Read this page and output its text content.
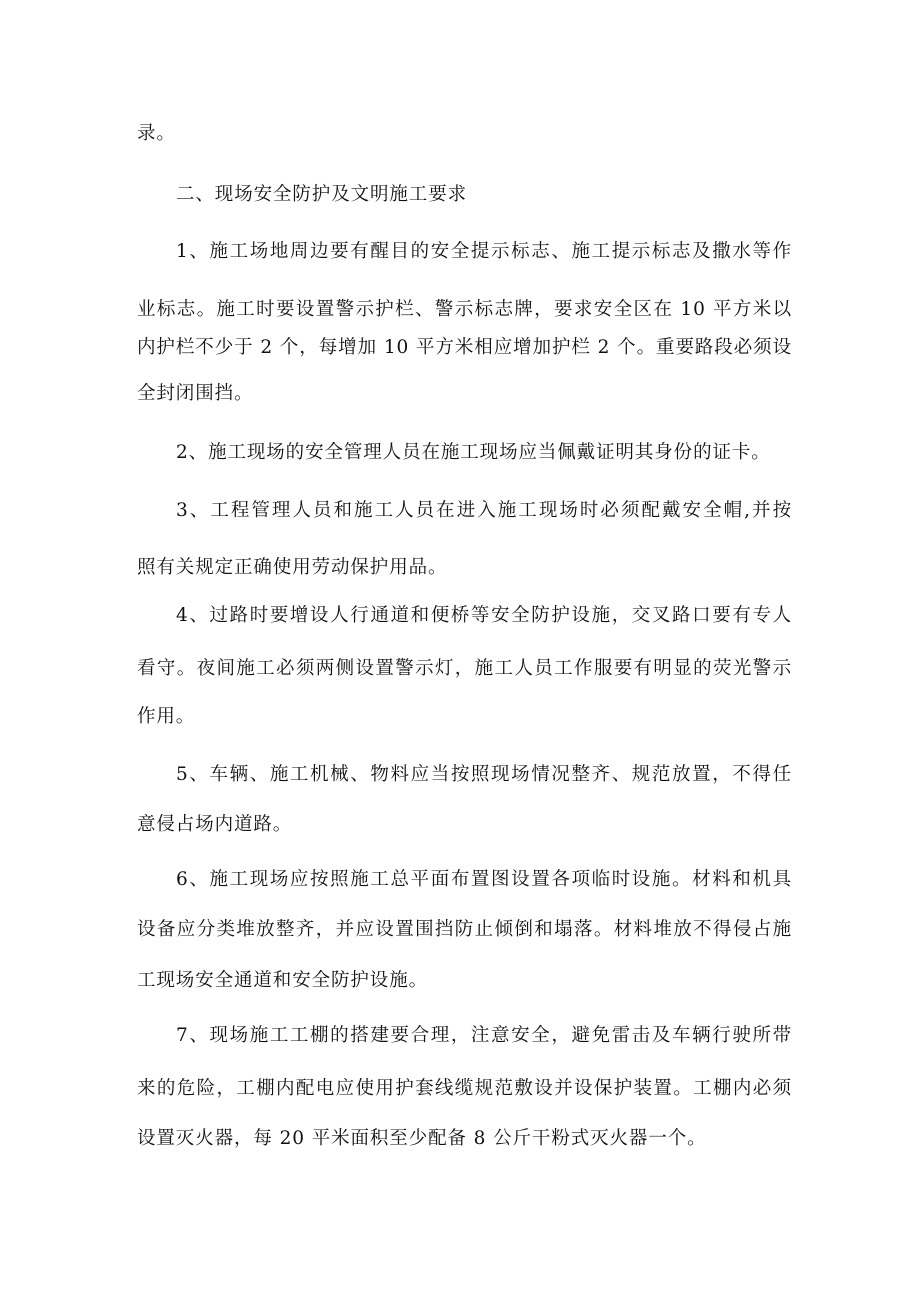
录。
二、现场安全防护及文明施工要求
1、施工场地周边要有醒目的安全提示标志、施工提示标志及撒水等作
业标志。施工时要设置警示护栏、警示标志牌，要求安全区在 10 平方米以
内护栏不少于 2 个，每增加 10 平方米相应增加护栏 2 个。重要路段必须设
全封闭围挡。
2、施工现场的安全管理人员在施工现场应当佩戴证明其身份的证卡。
3、工程管理人员和施工人员在进入施工现场时必须配戴安全帽,并按
照有关规定正确使用劳动保护用品。
4、过路时要增设人行通道和便桥等安全防护设施，交叉路口要有专人
看守。夜间施工必须两侧设置警示灯，施工人员工作服要有明显的荧光警示
作用。
5、车辆、施工机械、物料应当按照现场情况整齐、规范放置，不得任
意侵占场内道路。
6、施工现场应按照施工总平面布置图设置各项临时设施。材料和机具
设备应分类堆放整齐，并应设置围挡防止倾倒和塌落。材料堆放不得侵占施
工现场安全通道和安全防护设施。
7、现场施工工棚的搭建要合理，注意安全，避免雷击及车辆行驶所带
来的危险，工棚内配电应使用护套线缆规范敷设并设保护装置。工棚内必须
设置灭火器，每 20 平米面积至少配备 8 公斤干粉式灭火器一个。
